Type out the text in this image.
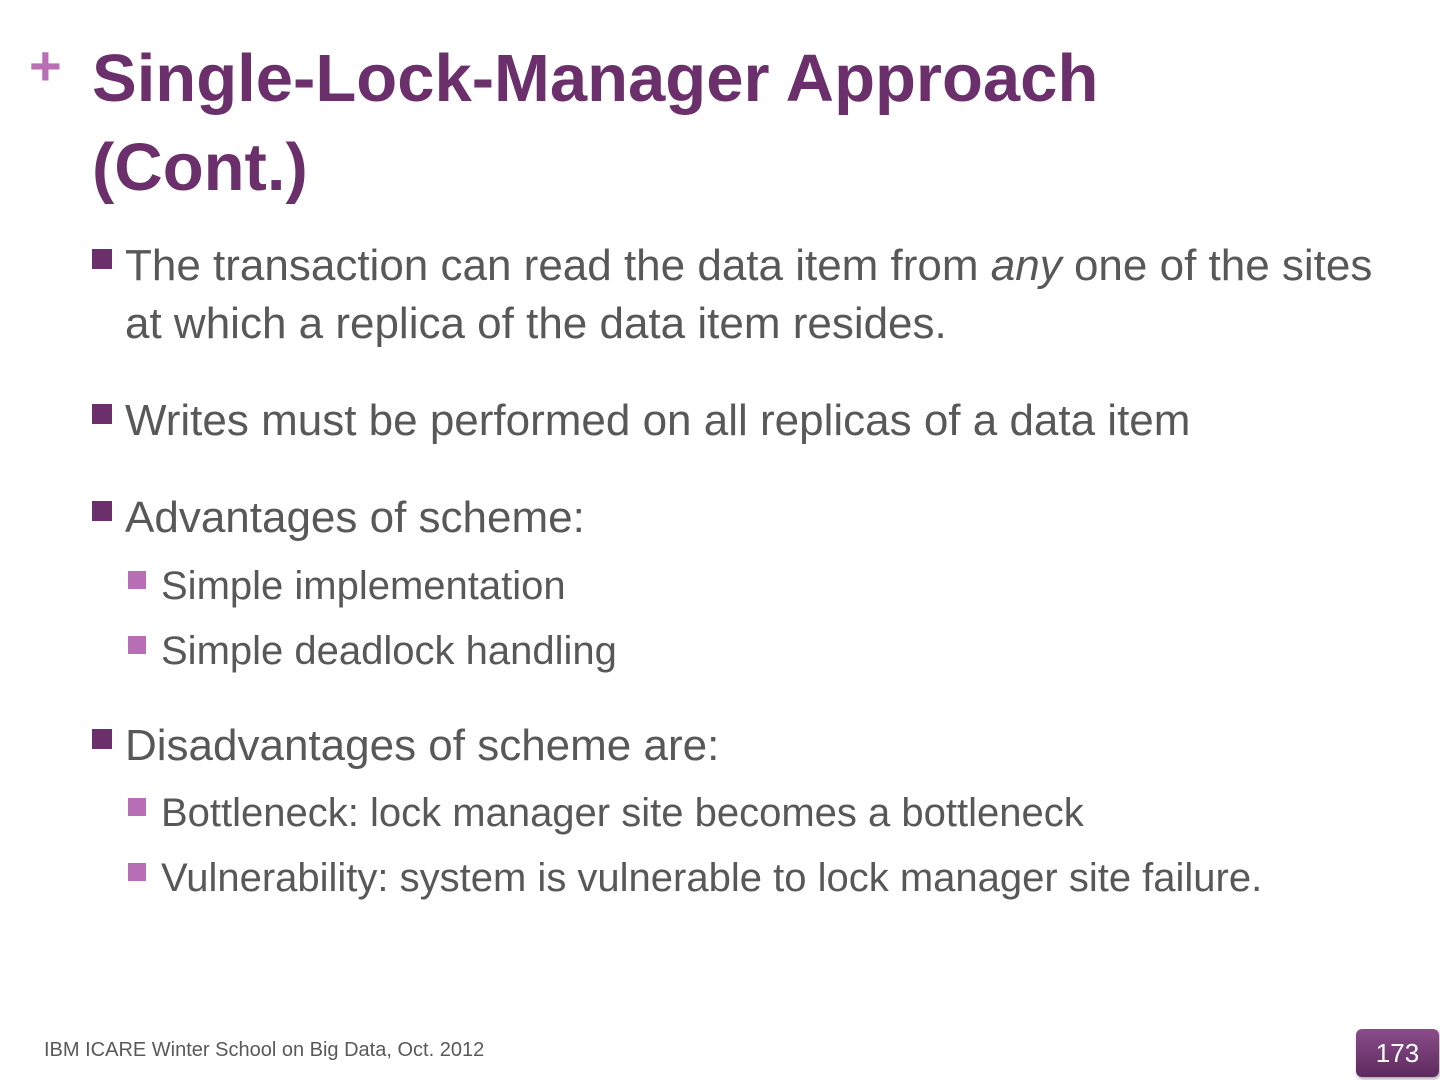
+ Single-Lock-Manager Approach
(Cont.)
The transaction can read the data item from any one of the sites at which a replica of the data item resides.
Writes must be performed on all replicas of a data item
Advantages of scheme:
Simple implementation
Simple deadlock handling
Disadvantages of scheme are:
Bottleneck: lock manager site becomes a bottleneck
Vulnerability: system is vulnerable to lock manager site failure.
IBM ICARE Winter School on Big Data, Oct. 2012	173
